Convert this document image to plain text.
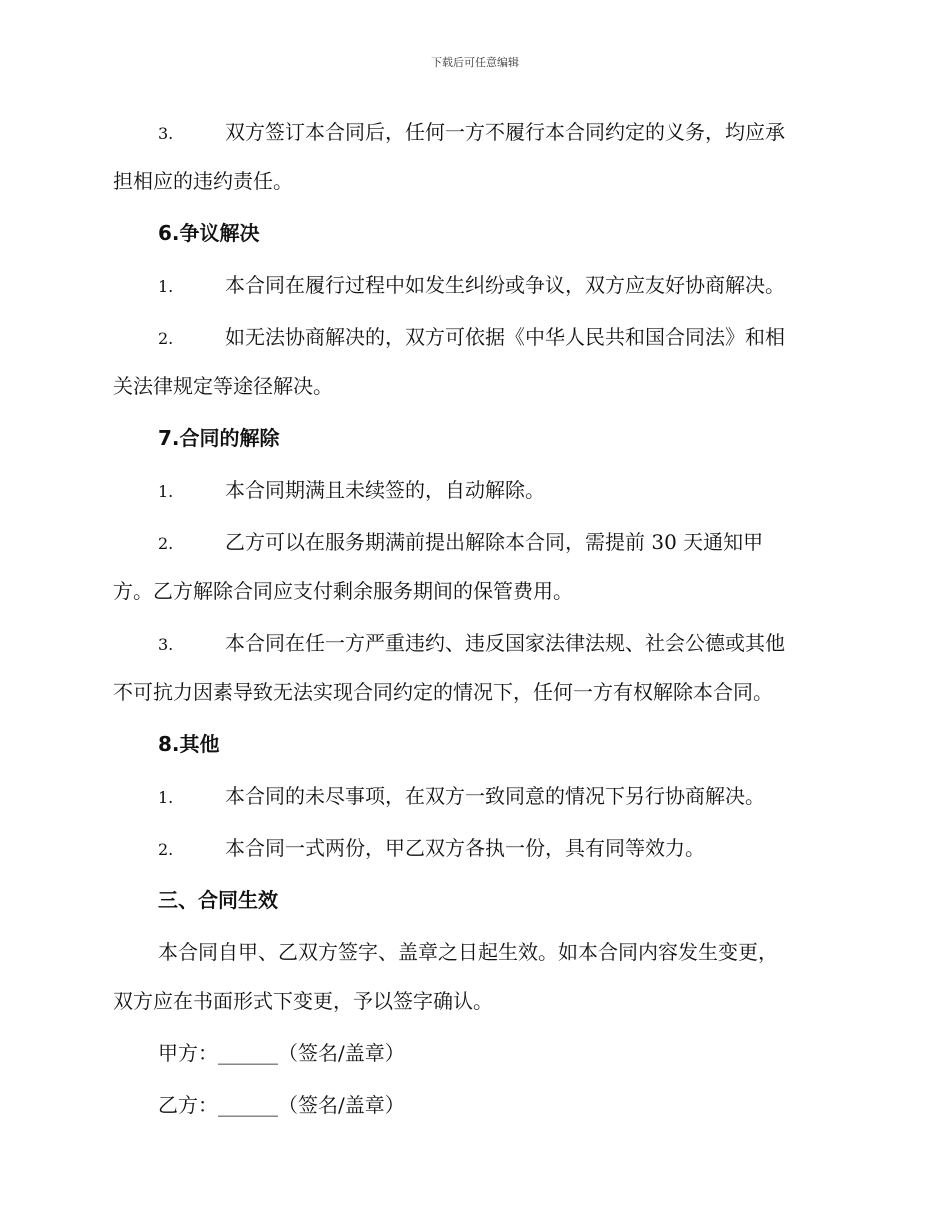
下载后可任意编辑
3.	双方签订本合同后，任何一方不履行本合同约定的义务，均应承
担相应的违约责任。
6.争议解决
1.	本合同在履行过程中如发生纠纷或争议，双方应友好协商解决。
2.	如无法协商解决的，双方可依据《中华人民共和国合同法》和相
关法律规定等途径解决。
7.合同的解除
1.	本合同期满且未续签的，自动解除。
2.	乙方可以在服务期满前提出解除本合同，需提前 30 天通知甲
方。乙方解除合同应支付剩余服务期间的保管费用。
3.	本合同在任一方严重违约、违反国家法律法规、社会公德或其他
不可抗力因素导致无法实现合同约定的情况下，任何一方有权解除本合同。
8.其他
1.	本合同的未尽事项，在双方一致同意的情况下另行协商解决。
2.	本合同一式两份，甲乙双方各执一份，具有同等效力。
三、合同生效
本合同自甲、乙双方签字、盖章之日起生效。如本合同内容发生变更，
双方应在书面形式下变更，予以签字确认。
甲方：______（签名/盖章）
乙方：______（签名/盖章）
